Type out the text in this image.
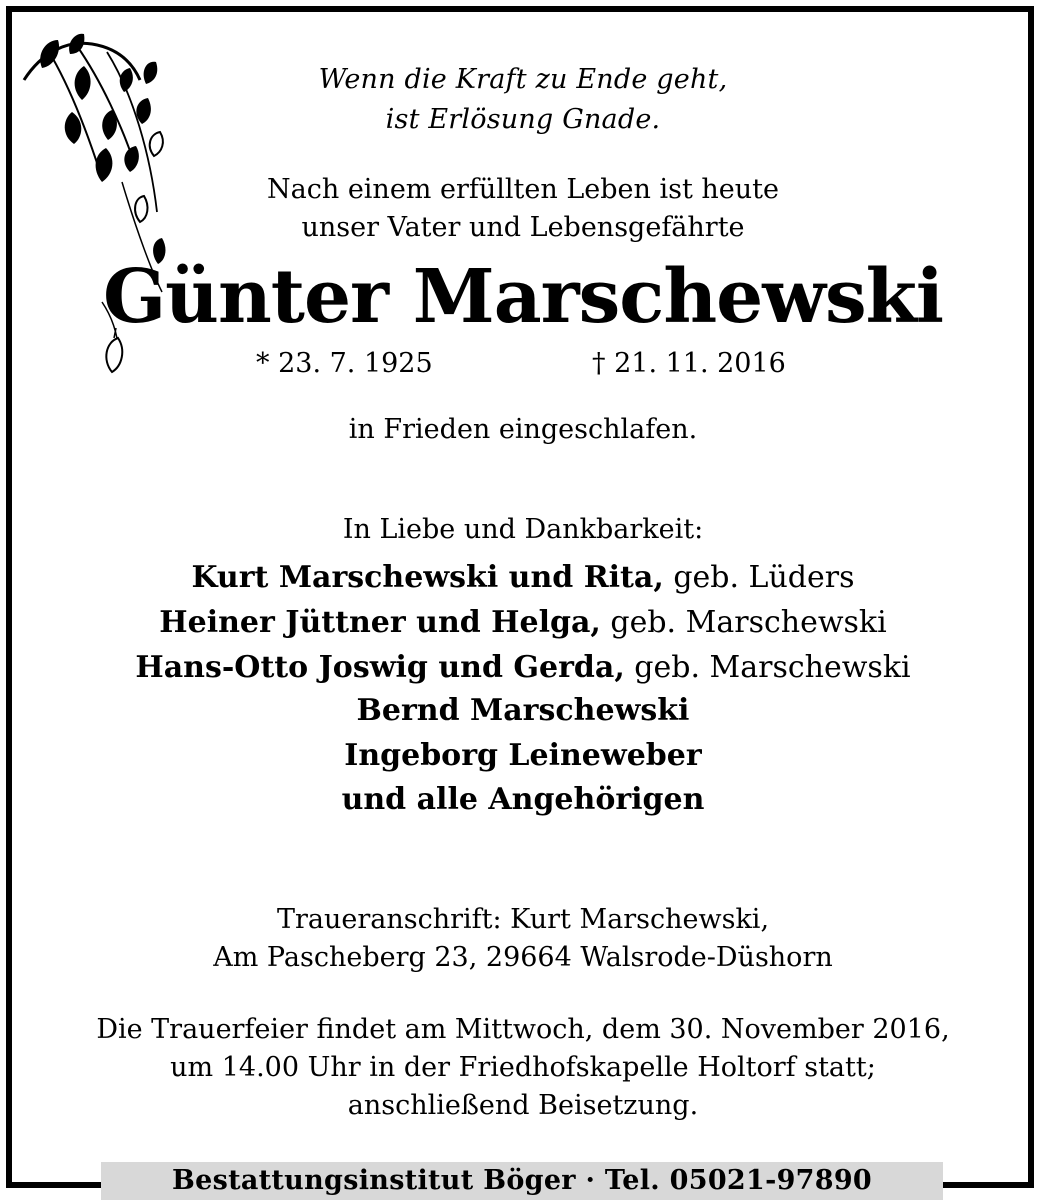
Wenn die Kraft zu Ende geht,
ist Erlösung Gnade.
Nach einem erfüllten Leben ist heute
unser Vater und Lebensgefährte
Günter Marschewski
* 23. 7. 1925	† 21. 11. 2016
in Frieden eingeschlafen.
In Liebe und Dankbarkeit:
Kurt Marschewski und Rita, geb. Lüders
Heiner Jüttner und Helga, geb. Marschewski
Hans-Otto Joswig und Gerda, geb. Marschewski
Bernd Marschewski
Ingeborg Leineweber
und alle Angehörigen
Traueranschrift: Kurt Marschewski,
Am Pascheberg 23, 29664 Walsrode-Düshorn
Die Trauerfeier findet am Mittwoch, dem 30. November 2016,
um 14.00 Uhr in der Friedhofskapelle Holtorf statt;
anschließend Beisetzung.
Bestattungsinstitut Böger · Tel. 05021-97890
